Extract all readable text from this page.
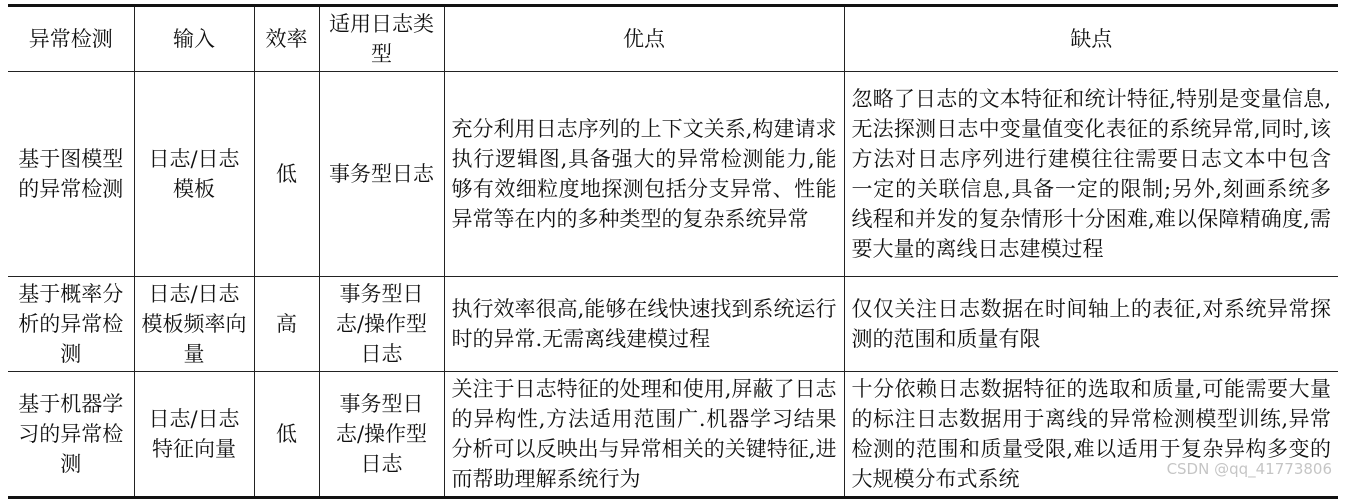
异常检测	输入	效率	适用日志类型	优点	缺点
基于图模型的异常检测	日志/日志模板	低	事务型日志	充分利用日志序列的上下文关系,构建请求执行逻辑图,具备强大的异常检测能力,能够有效细粒度地探测包括分支异常、性能异常等在内的多种类型的复杂系统异常	忽略了日志的文本特征和统计特征,特别是变量信息,无法探测日志中变量值变化表征的系统异常,同时,该方法对日志序列进行建模往往需要日志文本中包含一定的关联信息,具备一定的限制;另外,刻画系统多线程和并发的复杂情形十分困难,难以保障精确度,需要大量的离线日志建模过程
基于概率分析的异常检测	日志/日志模板频率向量	高	事务型日志/操作型日志	执行效率很高,能够在线快速找到系统运行时的异常.无需离线建模过程	仅仅关注日志数据在时间轴上的表征,对系统异常探测的范围和质量有限
基于机器学习的异常检测	日志/日志特征向量	低	事务型日志/操作型日志	关注于日志特征的处理和使用,屏蔽了日志的异构性,方法适用范围广.机器学习结果分析可以反映出与异常相关的关键特征,进而帮助理解系统行为	十分依赖日志数据特征的选取和质量,可能需要大量的标注日志数据用于离线的异常检测模型训练,异常检测的范围和质量受限,难以适用于复杂异构多变的大规模分布式系统	CSDN @qq_41773806
